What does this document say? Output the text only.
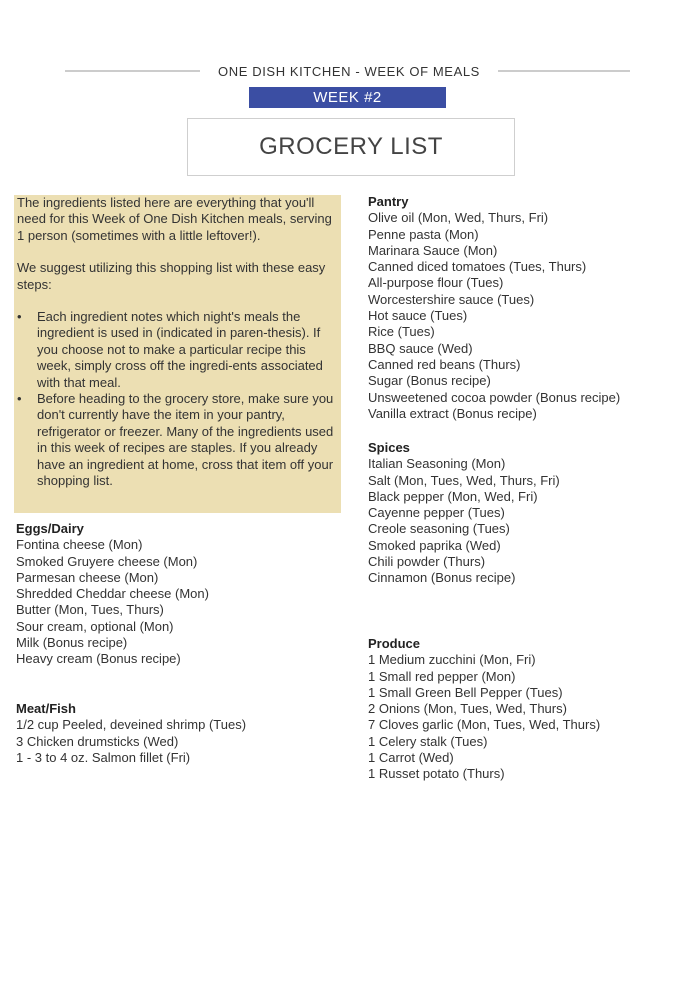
ONE DISH KITCHEN - WEEK OF MEALS
WEEK #2
GROCERY LIST

The ingredients listed here are everything that you'll need for this Week of One Dish Kitchen meals, serving 1 person (sometimes with a little leftover!).

We suggest utilizing this shopping list with these easy steps:

• Each ingredient notes which night's meals the ingredient is used in (indicated in paren-thesis). If you choose not to make a particular recipe this week, simply cross off the ingredi-ents associated with that meal.
• Before heading to the grocery store, make sure you don't currently have the item in your pantry, refrigerator or freezer. Many of the ingredients used in this week of recipes are staples. If you already have an ingredient at home, cross that item off your shopping list.
Eggs/Dairy
Fontina cheese (Mon)
Smoked Gruyere cheese (Mon)
Parmesan cheese (Mon)
Shredded Cheddar cheese (Mon)
Butter (Mon, Tues, Thurs)
Sour cream, optional (Mon)
Milk (Bonus recipe)
Heavy cream (Bonus recipe)
Meat/Fish
1/2 cup Peeled, deveined shrimp (Tues)
3 Chicken drumsticks (Wed)
1 - 3 to 4 oz. Salmon fillet (Fri)
Pantry
Olive oil (Mon, Wed, Thurs, Fri)
Penne pasta (Mon)
Marinara Sauce (Mon)
Canned diced tomatoes (Tues, Thurs)
All-purpose flour (Tues)
Worcestershire sauce (Tues)
Hot sauce (Tues)
Rice (Tues)
BBQ sauce (Wed)
Canned red beans (Thurs)
Sugar (Bonus recipe)
Unsweetened cocoa powder (Bonus recipe)
Vanilla extract (Bonus recipe)
Spices
Italian Seasoning (Mon)
Salt (Mon, Tues, Wed, Thurs, Fri)
Black pepper (Mon, Wed, Fri)
Cayenne pepper (Tues)
Creole seasoning (Tues)
Smoked paprika (Wed)
Chili powder (Thurs)
Cinnamon (Bonus recipe)
Produce
1 Medium zucchini (Mon, Fri)
1 Small red pepper (Mon)
1 Small Green Bell Pepper (Tues)
2 Onions (Mon, Tues, Wed, Thurs)
7 Cloves garlic (Mon, Tues, Wed, Thurs)
1 Celery stalk (Tues)
1 Carrot (Wed)
1 Russet potato (Thurs)
